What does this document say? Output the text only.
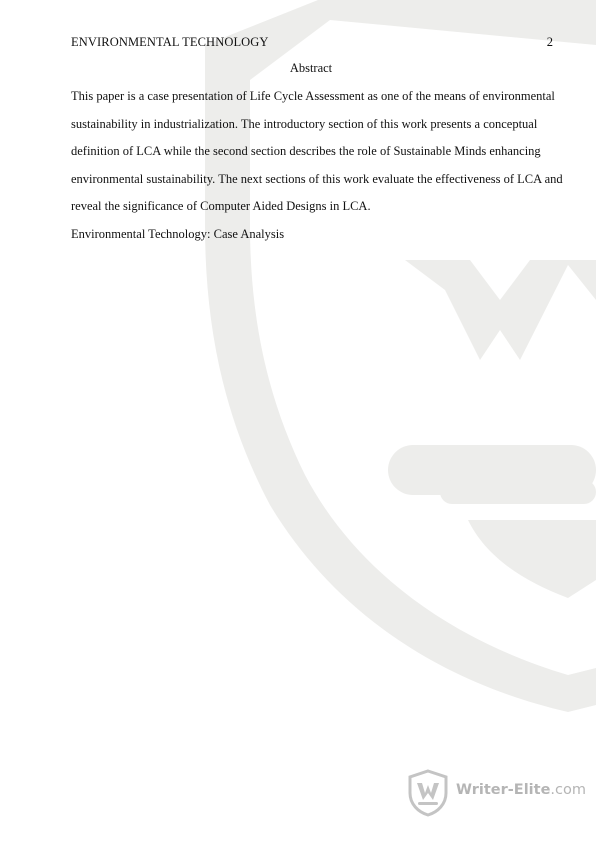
ENVIRONMENTAL TECHNOLOGY	2
Abstract
This paper is a case presentation of Life Cycle Assessment as one of the means of environmental
sustainability in industrialization. The introductory section of this work presents a conceptual
definition of LCA while the second section describes the role of Sustainable Minds enhancing
environmental sustainability. The next sections of this work evaluate the effectiveness of LCA and
reveal the significance of Computer Aided Designs in LCA.
Environmental Technology: Case Analysis
Writer-Elite.com
